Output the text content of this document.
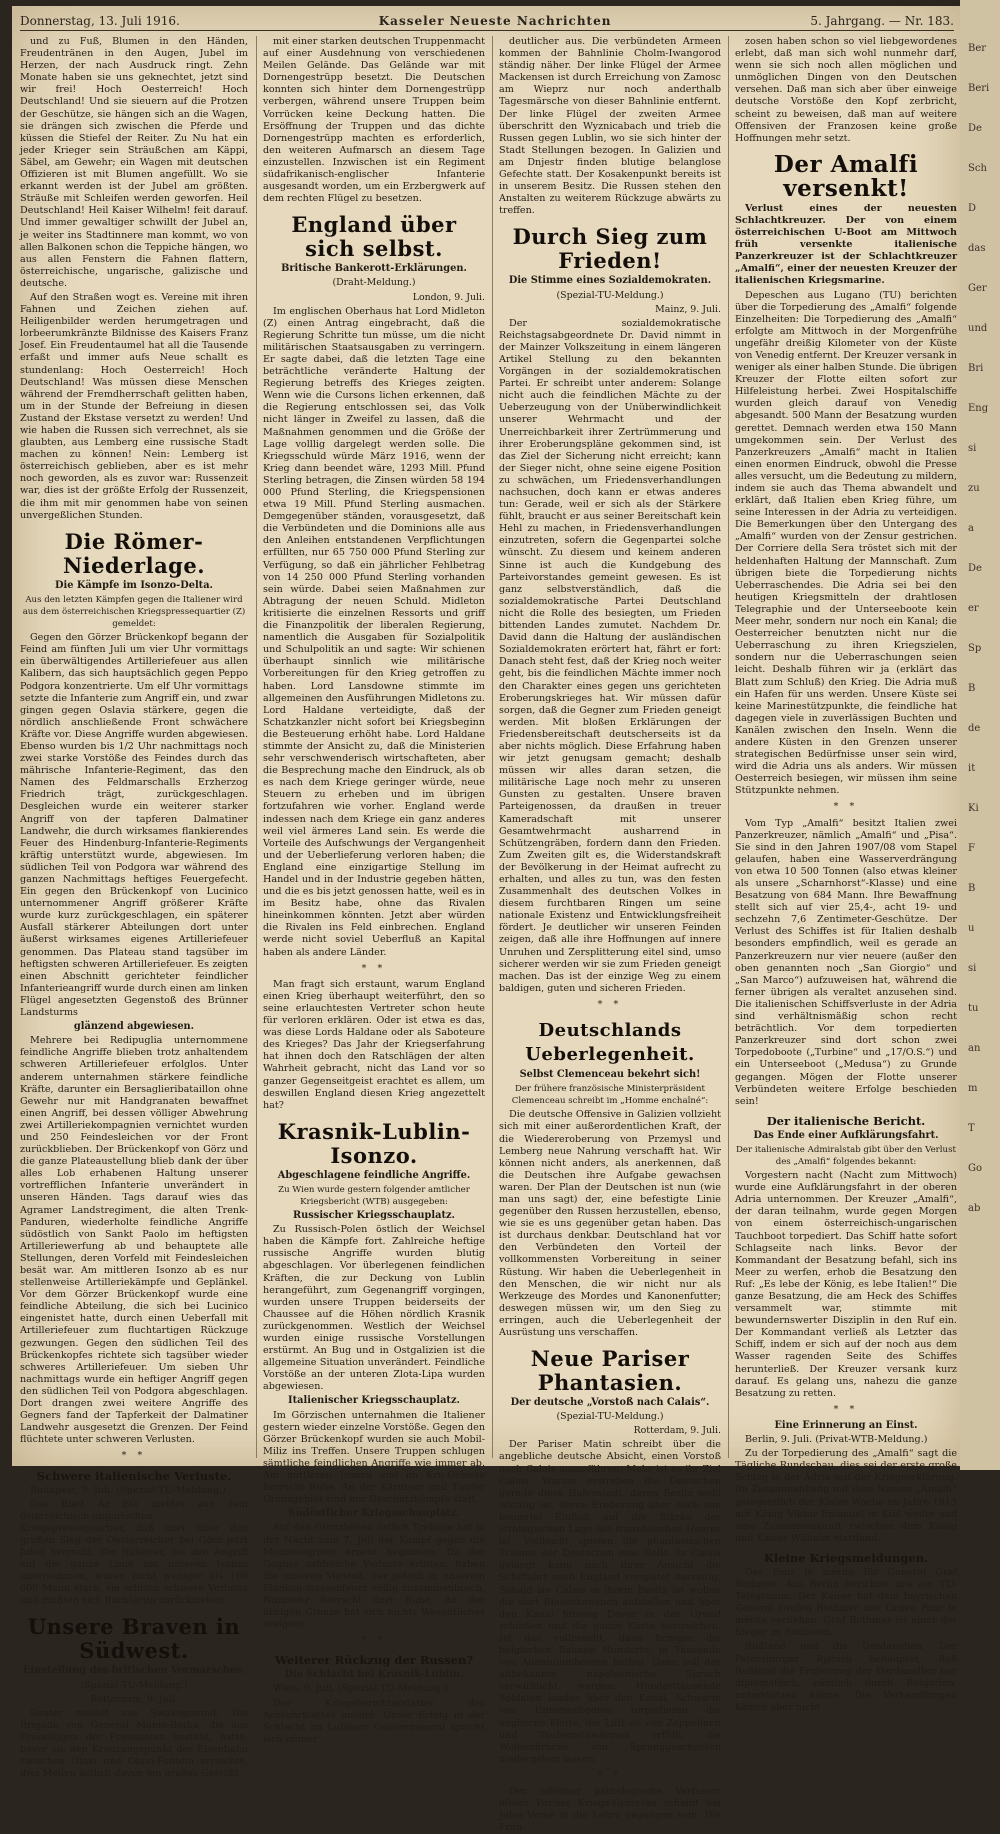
Donnerstag, 13. Juli 1916.	Kasseler Neueste Nachrichten	5. Jahrgang. — Nr. 183.

und zu Fuß, Blumen in den Händen, Freudentränen in den Augen, Jubel im Herzen, der nach Ausdruck ringt. Zehn Monate haben sie uns geknechtet, jetzt sind wir frei! Hoch Oesterreich! Hoch Deutschland! Und sie sieuern auf die Protzen der Geschütze, sie hängen sich an die Wagen, sie drängen sich zwischen die Pferde und küssen die Stiefel der Reiter. Zu Nu hat ein jeder Krieger sein Sträußchen am Käppi, Säbel, am Gewehr; ein Wagen mit deutschen Offizieren ist mit Blumen angefüllt. Wo sie erkannt werden ist der Jubel am größten. Sträuße mit Schleifen werden geworfen. Heil Deutschland! Heil Kaiser Wilhelm! feit darauf. Und immer gewaltiger schwillt der Jubel an, je weiter ins Stadtinnere man kommt, wo von allen Balkonen schon die Teppiche hängen, wo aus allen Fenstern die Fahnen flattern, österreichische, ungarische, galizische und deutsche.

Auf den Straßen wogt es. Vereine mit ihren Fahnen und Zeichen ziehen auf. Heiligenbilder werden herumgetragen und lorbeerumkränzte Bildnisse des Kaisers Franz Josef. Ein Freudentaumel hat all die Tausende erfaßt und immer aufs Neue schallt es stundenlang: Hoch Oesterreich! Hoch Deutschland! Was müssen diese Menschen während der Fremdherrschaft gelitten haben, um in der Stunde der Befreiung in diesen Zustand der Ekstase versetzt zu werden! Und wie haben die Russen sich verrechnet, als sie glaubten, aus Lemberg eine russische Stadt machen zu können! Nein: Lemberg ist österreichisch geblieben, aber es ist mehr noch geworden, als es zuvor war: Russenzeit war, dies ist der größte Erfolg der Russenzeit, die ihm mit mir genommen habe von seinen unvergeßlichen Stunden.

Die Römer-Niederlage.
Die Kämpfe im Isonzo-Delta.
Aus den letzten Kämpfen gegen die Italiener wird aus dem österreichischen Kriegspressequartier (Z) gemeldet:

Gegen den Görzer Brückenkopf begann der Feind am fünften Juli um vier Uhr vormittags ein überwältigendes Artilleriefeuer aus allen Kalibern, das sich hauptsächlich gegen Peppo Podgora konzentrierte. Um elf Uhr vormittags setzte die Infanterie zum Angriff ein, und zwar gingen gegen Oslavia stärkere, gegen die nördlich anschließende Front schwächere Kräfte vor. Diese Angriffe wurden abgewiesen. Ebenso wurden bis 1/2 Uhr nachmittags noch zwei starke Vorstöße des Feindes durch das mährische Infanterie-Regiment, das den Namen des Feldmarschalls Erzherzog Friedrich trägt, zurückgeschlagen. Desgleichen wurde ein weiterer starker Angriff von der tapferen Dalmatiner Landwehr, die durch wirksames flankierendes Feuer des Hindenburg-Infanterie-Regiments kräftig unterstützt wurde, abgewiesen. Im südlichen Teil von Podgora war während des ganzen Nachmittags heftiges Feuergefecht. Ein gegen den Brückenkopf von Lucinico unternommener Angriff größerer Kräfte wurde kurz zurückgeschlagen, ein späterer Ausfall stärkerer Abteilungen dort unter äußerst wirksames eigenes Artilleriefeuer genommen. Das Plateau stand tagsüber im heftigsten schweren Artilleriefeuer. Es zeigten einen Abschnitt gerichteter feindlicher Infanterieangriff wurde durch einen am linken Flügel angesetzten Gegenstoß des Brünner Landsturms

glänzend abgewiesen.

Mehrere bei Redipuglia unternommene feindliche Angriffe blieben trotz anhaltendem schweren Artilleriefeuer erfolglos. Unter anderem unternahmen stärkere feindliche Kräfte, darunter ein Bersaglieribataillon ohne Gewehr nur mit Handgranaten bewaffnet einen Angriff, bei dessen völliger Abwehrung zwei Artilleriekompagnien vernichtet wurden und 250 Feindesleichen vor der Front zurückblieben. Der Brückenkopf von Görz und die ganze Plateaustellung blieb dank der über alles Lob erhabenen Haltung unserer vortrefflichen Infanterie unverändert in unseren Händen. Tags darauf wies das Agramer Landstregiment, die alten Trenk-Panduren, wiederholte feindliche Angriffe südöstlich von Sankt Paolo im heftigsten Artilleriewerfung ab und behauptete alle Stellungen, deren Vorfeld mit Feindesleichen besät war. Am mittleren Isonzo ab es nur stellenweise Artilleriekämpfe und Geplänkel. Vor dem Görzer Brückenkopf wurde eine feindliche Abteilung, die sich bei Lucinico eingenistet hatte, durch einen Ueberfall mit Artilleriefeuer zum fluchtartigen Rückzuge gezwungen. Gegen den südlichen Teil des Brückenkopfes richtete sich tagsüber wieder schweres Artilleriefeuer. Um sieben Uhr nachmittags wurde ein heftiger Angriff gegen den südlichen Teil von Podgora abgeschlagen. Dort drangen zwei weitere Angriffe des Gegners fand der Tapferkeit der Dalmatiner Landwehr ausgesetzt die Grenzen. Der Feind flüchtete unter schweren Verlusten.

* *
Schwere italienische Verluste.

Budapest, 9. Juli. (Spezial-TU-Meldung.)

Das Blatt Az Est meldet aus dem österreichisch-ungarischen Kriegspressequartier, daß dort über den großen Sieg der Oesterreicher bei Görz jetzt Jubel herrscht. Die Italiener, die den Angriff auf die ganze Linie am unteren Isonzo unternahmen, waren nicht weniger als 160 000 Mann stark; sie erlitten schwere Verluste und mußten sich fluchtartig zurückziehen.

Unsere Braven in Südwest.
Einstellung des britischen Vormarsches.
(Spezial-TU-Meldung.)
Rotterdam, 9. Juli.

Reuter meldet aus Swakopmund: Die Brigade von General Manie-Botha, die aus Freiwilligen der Freistaaten besteht, hatte, bevor sie den Kreuzungspunkt der Eisenbahn zwischen Otavi und Otavi-Fontein erreichte, drei Meilen östlich davon ein großes Gefecht

mit einer starken deutschen Truppenmacht auf einer Ausdehnung von verschiedenen Meilen Gelände. Das Gelände war mit Dornengestrüpp besetzt. Die Deutschen konnten sich hinter dem Dornengestrüpp verbergen, während unsere Truppen beim Vorrücken keine Deckung hatten. Die Ersöffnung der Truppen und das dichte Dornengestrüpp machten es erforderlich, den weiteren Aufmarsch an diesem Tage einzustellen. Inzwischen ist ein Regiment südafrikanisch-englischer Infanterie ausgesandt worden, um ein Erzbergwerk auf dem rechten Flügel zu besetzen.

England über sich selbst.
Britische Bankerott-Erklärungen.
(Draht-Meldung.)
London, 9. Juli.

Im englischen Oberhaus hat Lord Midleton (Z) einen Antrag eingebracht, daß die Regierung Schritte tun müsse, um die nicht militärischen Staatsausgaben zu verringern. Er sagte dabei, daß die letzten Tage eine beträchtliche veränderte Haltung der Regierung betreffs des Krieges zeigten. Wenn wie die Cursons lichen erkennen, daß die Regierung entschlossen sei, das Volk nicht länger in Zweifel zu lassen, daß die Maßnahmen genommen und die Größe der Lage volllig dargelegt werden solle. Die Kriegsschuld würde März 1916, wenn der Krieg dann beendet wäre, 1293 Mill. Pfund Sterling betragen, die Zinsen würden 58 194 000 Pfund Sterling, die Kriegspensionen etwa 19 Mill. Pfund Sterling ausmachen. Demgegenüber ständen, vorausgesetzt, daß die Verbündeten und die Dominions alle aus den Anleihen entstandenen Verpflichtungen erfüllten, nur 65 750 000 Pfund Sterling zur Verfügung, so daß ein jährlicher Fehlbetrag von 14 250 000 Pfund Sterling vorhanden sein würde. Dabei seien Maßnahmen zur Abtragung der neuen Schuld. Midleton kritisierte die einzelnen Ressorts und griff die Finanzpolitik der liberalen Regierung, namentlich die Ausgaben für Sozialpolitik und Schulpolitik an und sagte: Wir schienen überhaupt sinnlich wie militärische Vorbereitungen für den Krieg getroffen zu haben. Lord Lansdowne stimmte im allgemeinen den Ausführungen Midletons zu. Lord Haldane verteidigte, daß der Schatzkanzler nicht sofort bei Kriegsbeginn die Besteuerung erhöht habe. Lord Haldane stimmte der Ansicht zu, daß die Ministerien sehr verschwenderisch wirtschafteten, aber die Besprechung mache den Eindruck, als ob es nach dem Kriege geringer würde, neue Steuern zu erheben und im übrigen fortzufahren wie vorher. England werde indessen nach dem Kriege ein ganz anderes weil viel ärmeres Land sein. Es werde die Vorteile des Aufschwungs der Vergangenheit und der Ueberlieferung verloren haben; die England eine einzigartige Stellung im Handel und in der Industrie gegeben hätten, und die es bis jetzt genossen hatte, weil es in im Besitz habe, ohne das Rivalen hineinkommen könnten. Jetzt aber würden die Rivalen ins Feld einbrechen. England werde nicht soviel Ueberfluß an Kapital haben als andere Länder.

* *

Man fragt sich erstaunt, warum England einen Krieg überhaupt weiterführt, den so seine erlauchtesten Vertreter schon heute für verloren erklären. Oder ist etwa es das, was diese Lords Haldane oder als Saboteure des Krieges? Das Jahr der Kriegserfahrung hat ihnen doch den Ratschlägen der alten Wahrheit gebracht, nicht das Land vor so ganzer Gegenseitgeist erachtet es allem, um deswillen England diesen Krieg angezettelt hat?

Krasnik-Lublin-Isonzo.
Abgeschlagene feindliche Angriffe.
Zu Wien wurde gestern folgender amtlicher Kriegsbericht (WTB) ausgegeben:
Russischer Kriegsschauplatz.

Zu Russisch-Polen östlich der Weichsel haben die Kämpfe fort. Zahlreiche heftige russische Angriffe wurden blutig abgeschlagen. Vor überlegenen feindlichen Kräften, die zur Deckung von Lublin herangeführt, zum Gegenangriff vorgingen, wurden unsere Truppen beiderseits der Chaussee auf die Höhen nördlich Krasnik zurückgenommen. Westlich der Weichsel wurden einige russische Vorstellungen erstürmt. An Bug und in Ostgalizien ist die allgemeine Situation unverändert. Feindliche Vorstöße an der unteren Zlota-Lipa wurden abgewiesen.

Italienischer Kriegsschauplatz.

Im Görzischen unternahmen die Italiener gestern wieder einzelne Vorstöße. Gegen den Görzer Brückenkopf wurden sie auch Mobil-Miliz ins Treffen. Unsere Truppen schlugen sämtliche feindlichen Angriffe wie immer ab. Am mittleren Isonzo und im Krn-Gebiete herrscht Ruhe. An der Kärntner und Tiroler Grenzgebiet sind nur Geschützkämpfe statt.

Südöstlicher Kriegsschauplatz.

Auf den Grenzhöhen östlich Trebinje hat in der Nacht zum 7. Juli der Kampf gegen die Montenegriner erneut begonnen. Da der Gegner zahlreiche Verluste erlitten, haben die unseren Vorstoß, der jedoch in unserem Flanken-massenfeuer völlig zusammenbrach. Nunmehr herrscht dort Ruhe. An der übrigen Grenze hat sich nichts Wesentliches ereignet.

* *
Weiterer Rückzug der Russen?
Die Schlacht bei Krasnik-Lublin.

Wien, 9. Juli. (Spezial-TU-Meldung.)

Der Kriegsberichterstatter des Achtuhrblattes meldet: Unser Erfolg in der Schlacht im Lubliner Gouvernement spricht sich immer

deutlicher aus. Die verbündeten Armeen kommen der Bahnlinie Cholm-Iwangorod ständig näher. Der linke Flügel der Armee Mackensen ist durch Erreichung von Zamosc am Wieprz nur noch anderthalb Tagesmärsche von dieser Bahnlinie entfernt. Der linke Flügel der zweiten Armee überschritt den Wyznicabach und trieb die Russen gegen Lublin, wo sie sich hinter der Stadt Stellungen bezogen. In Galizien und am Dnjestr finden blutige belanglose Gefechte statt. Der Kosakenpunkt bereits ist in unserem Besitz. Die Russen stehen den Anstalten zu weiterem Rückzuge abwärts zu treffen.

Durch Sieg zum Frieden!
Die Stimme eines Sozialdemokraten.
(Spezial-TU-Meldung.)
Mainz, 9. Juli.

Der sozialdemokratische Reichstagsabgeordnete Dr. David nimmt in der Mainzer Volkszeitung in einem längeren Artikel Stellung zu den bekannten Vorgängen in der sozialdemokratischen Partei. Er schreibt unter anderem: Solange nicht auch die feindlichen Mächte zu der Ueberzeugung von der Unüberwindlichkeit unserer Wehrmacht und der Unerreichbarkeit ihrer Zertrümmerung und ihrer Eroberungspläne gekommen sind, ist das Ziel der Sicherung nicht erreicht; kann der Sieger nicht, ohne seine eigene Position zu schwächen, um Friedensverhandlungen nachsuchen, doch kann er etwas anderes tun: Gerade, weil er sich als der Stärkere fühlt, braucht er aus seiner Bereitschaft kein Hehl zu machen, in Friedensverhandlungen einzutreten, sofern die Gegenpartei solche wünscht. Zu diesem und keinem anderen Sinne ist auch die Kundgebung des Parteivorstandes gemeint gewesen. Es ist ganz selbstverständlich, daß die sozialdemokratische Partei Deutschland nicht die Rolle des besiegten, um Frieden bittenden Landes zumutet. Nachdem Dr. David dann die Haltung der ausländischen Sozialdemokraten erörtert hat, fährt er fort: Danach steht fest, daß der Krieg noch weiter geht, bis die feindlichen Mächte immer noch den Charakter eines gegen uns gerichteten Eroberungskrieges hat. Wir müssen dafür sorgen, daß die Gegner zum Frieden geneigt werden. Mit bloßen Erklärungen der Friedensbereitschaft deutscherseits ist da aber nichts möglich. Diese Erfahrung haben wir jetzt genugsam gemacht; deshalb müssen wir alles daran setzen, die militärische Lage noch mehr zu unseren Gunsten zu gestalten. Unsere braven Parteigenossen, da draußen in treuer Kameradschaft mit unserer Gesamtwehrmacht ausharrend in Schützengräben, fordern dann den Frieden. Zum Zweiten gilt es, die Widerstandskraft der Bevölkerung in der Heimat aufrecht zu erhalten, und alles zu tun, was den festen Zusammenhalt des deutschen Volkes in diesem furchtbaren Ringen um seine nationale Existenz und Entwicklungsfreiheit fördert. Je deutlicher wir unseren Feinden zeigen, daß alle ihre Hoffnungen auf innere Unruhen und Zersplitterung eitel sind, umso sicherer werden wir sie zum Frieden geneigt machen. Das ist der einzige Weg zu einem baldigen, guten und sicheren Frieden.

* *
Deutschlands Ueberlegenheit.
Selbst Clemenceau bekehrt sich!
Der frühere französische Ministerpräsident Clemenceau schreibt im „Homme enchaîné“:

Die deutsche Offensive in Galizien vollzieht sich mit einer außerordentlichen Kraft, der die Wiedereroberung von Przemysl und Lemberg neue Nahrung verschafft hat. Wir können nicht anders, als anerkennen, daß die Deutschen ihre Aufgabe gewachsen waren. Der Plan der Deutschen ist nun (wie man uns sagt) der, eine befestigte Linie gegenüber den Russen herzustellen, ebenso, wie sie es uns gegenüber getan haben. Das ist durchaus denkbar. Deutschland hat vor den Verbündeten den Vorteil der vollkommensten Vorbereitung in seiner Rüstung. Wir haben die Ueberlegenheit in den Menschen, die wir nicht nur als Werkzeuge des Mordes und Kanonenfutter; deswegen müssen wir, um den Sieg zu erringen, auch die Ueberlegenheit der Ausrüstung uns verschaffen.

Neue Pariser Phantasien.
Der deutsche „Vorstoß nach Calais“.
(Spezial-TU-Meldung.)
Rotterdam, 9. Juli.

Der Pariser Matin schreibt über die angebliche deutsche Absicht, einen Vorstoß nach Calais auszuführen: Mehr ist es ihr Ziel Calais. Warum erstreben die Deutschen gerade diese Hafenstadt, deren Besitz wohl wichtig ist, deren Eroberung aber doch von keinerlei Einfluß auf die Stärke der strategischen Lage des französischen Heeres ist. Vielleicht spielen die phantastischen Träume der Deutschen eine Rolle. In Calais gelangt kann nach ihrer Ansicht die Schiffahrt nach England verspätet derzeitig. Sobald sie Calais in ihrem Besitz ist wollen die dort Riesenkanonen aufstellen und über den Kanal hinweg Dover in den Grund schießen und die ganze Küste bestreichen. Ist das vollbracht, dann bringen die belgischen Bahnen Hunderte, ja Tausende von Aluminiumbooten herbei. Dann soll der altbekannte napoleonische Spruch verwirklicht werden: Hunderttausende Soldaten landen über den Kanal, Schwarm von Unterseebooten torpedieren die englische Flotte, die Luft ist von Zeppelinen und Taubenschwärmen erfüllt, die Wolkenbrüche von Sprenggeschossen niedergehen lassen.

* *

Der offenbar pathologische Verfasser dieser Pariser Kriegs-Groteske scheint bei Jules Verne in die Lehre gegangen sein. Die Fran-

zosen haben schon so viel liebgewordenes erlebt, daß man sich wohl nunmehr darf, wenn sie sich noch allen möglichen und unmöglichen Dingen von den Deutschen versehen. Daß man sich aber über einweige deutsche Vorstöße den Kopf zerbricht, scheint zu beweisen, daß man auf weitere Offensiven der Franzosen keine große Hoffnungen mehr setzt.

Der Amalfi versenkt!

Verlust eines der neuesten Schlachtkreuzer. Der von einem österreichischen U-Boot am Mittwoch früh versenkte italienische Panzerkreuzer ist der Schlachtkreuzer „Amalfi“, einer der neuesten Kreuzer der italienischen Kriegsmarine.

Depeschen aus Lugano (TU) berichten über die Torpedierung des „Amalfi“ folgende Einzelheiten: Die Torpedierung des „Amalfi“ erfolgte am Mittwoch in der Morgenfrühe ungefähr dreißig Kilometer von der Küste von Venedig entfernt. Der Kreuzer versank in weniger als einer halben Stunde. Die übrigen Kreuzer der Flotte eilten sofort zur Hilfeleistung herbei. Zwei Hospitalschiffe wurden gleich darauf von Venedig abgesandt. 500 Mann der Besatzung wurden gerettet. Demnach werden etwa 150 Mann umgekommen sein. Der Verlust des Panzerkreuzers „Amalfi“ macht in Italien einen enormen Eindruck, obwohl die Presse alles versucht, um die Bedeutung zu mildern, indem sie auch das Thema abwandelt und erklärt, daß Italien eben Krieg führe, um seine Interessen in der Adria zu verteidigen. Die Bemerkungen über den Untergang des „Amalfi“ wurden von der Zensur gestrichen. Der Corriere della Sera tröstet sich mit der heldenhaften Haltung der Mannschaft. Zum übrigen biete die Torpedierung nichts Ueberraschendes. Die Adria sei bei den heutigen Kriegsmitteln der drahtlosen Telegraphie und der Unterseeboote kein Meer mehr, sondern nur noch ein Kanal; die Oesterreicher benutzten nicht nur die Ueberraschung zu ihren Kriegszielen, sondern nur die Ueberraschungen seien leicht. Deshalb führen wir ja (erklärt das Blatt zum Schluß) den Krieg. Die Adria muß ein Hafen für uns werden. Unsere Küste sei keine Marinestützpunkte, die feindliche hat dagegen viele in zuverlässigen Buchten und Kanälen zwischen den Inseln. Wenn die andere Küsten in den Grenzen unserer strategischen Bedürfnisse unser sein wird, wird die Adria uns als anders. Wir müssen Oesterreich besiegen, wir müssen ihm seine Stützpunkte nehmen.

* *

Vom Typ „Amalfi“ besitzt Italien zwei Panzerkreuzer, nämlich „Amalfi“ und „Pisa“. Sie sind in den Jahren 1907/08 vom Stapel gelaufen, haben eine Wasserverdrängung von etwa 10 500 Tonnen (also etwas kleiner als unsere „Scharnhorst“-Klasse) und eine Besatzung von 684 Mann. Ihre Bewaffnung stellt sich auf vier 25,4-, acht 19- und sechzehn 7,6 Zentimeter-Geschütze. Der Verlust des Schiffes ist für Italien deshalb besonders empfindlich, weil es gerade an Panzerkreuzern nur vier neuere (außer den oben genannten noch „San Giorgio“ und „San Marco“) aufzuweisen hat, während die ferner übrigen als veraltet anzusehen sind. Die italienischen Schiffsverluste in der Adria sind verhältnismäßig schon recht beträchtlich. Vor dem torpedierten Panzerkreuzer sind dort schon zwei Torpedoboote („Turbine“ und „17/O.S.“) und ein Unterseeboot („Medusa“) zu Grunde gegangen. Mögen der Flotte unserer Verbündeten weitere Erfolge beschieden sein!

Der italienische Bericht.
Das Ende einer Aufklärungsfahrt.
Der italienische Admiralstab gibt über den Verlust des „Amalfi“ folgendes bekannt:

Vorgestern nacht (Nacht zum Mittwoch) wurde eine Aufklärungsfahrt in der oberen Adria unternommen. Der Kreuzer „Amalfi“, der daran teilnahm, wurde gegen Morgen von einem österreichisch-ungarischen Tauchboot torpediert. Das Schiff hatte sofort Schlagseite nach links. Bevor der Kommandant der Besatzung befahl, sich ins Meer zu werfen, erhob die Besatzung den Ruf: „Es lebe der König, es lebe Italien!“ Die ganze Besatzung, die am Heck des Schiffes versammelt war, stimmte mit bewundernswerter Disziplin in den Ruf ein. Der Kommandant verließ als Letzter das Schiff, indem er sich auf der noch aus dem Wasser ragenden Seite des Schiffes herunterließ. Der Kreuzer versank kurz darauf. Es gelang uns, nahezu die ganze Besatzung zu retten.

* *
Eine Erinnerung an Einst.

Berlin, 9. Juli. (Privat-WTB-Meldung.)

Zu der Torpedierung des „Amalfi“ sagt die Tägliche Rundschau, dies sei der erste große Schlag in der Adria seit der Kriegserklärung. Im Zusammenhang mit dem Namen „Amalfi“ gelegentlich der Kieler Woche im Jahre 1913 mit König Viktor Emanuel in Kiel weilte und eine Zusammenkunft zwischen dem König und Kaiser Wilhelm stattfand.

Kleine Kriegsmeldungen.

Der Pour le mérite für General Graf Bothmer. Aus Berlin berichtet uns ein TU-Telegramm: Der Kaiser hat dem bayrischen General Grafen Bothmer den Orden Pour le mérite verliehen. Graf Bothmer ist einer der Sieger im Südosten.

Rußland und die Dardanellen. Der Petersburger Rjetsch behauptet, daß Rußland die Eroberung der Dardanellen nur diplomatisch, nämlich durch Bulgarien, unterstützen könne. Die Verhandlungen kämen aber nicht

Ber
Beri
De
Sch
D
das
Ger
und
Bri
Eng
si
zu
a
De
er
Sp
B
de
it
Ki
F
B
u
si
tu
an
m
T
Go
ab
